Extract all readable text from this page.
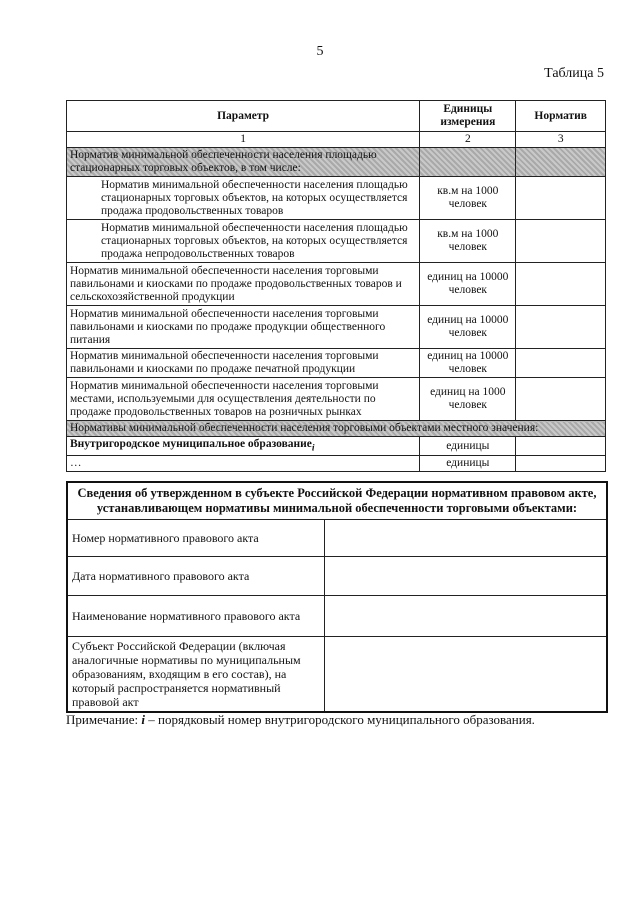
5
Таблица 5
Параметр	Единицы измерения	Норматив
1	2	3
Норматив минимальной обеспеченности населения площадью стационарных торговых объектов, в том числе:		
Норматив минимальной обеспеченности населения площадью стационарных торговых объектов, на которых осуществляется продажа продовольственных товаров	кв.м на 1000 человек	
Норматив минимальной обеспеченности населения площадью стационарных торговых объектов, на которых осуществляется продажа непродовольственных товаров	кв.м на 1000 человек	
Норматив минимальной обеспеченности населения торговыми павильонами и киосками по продаже продовольственных товаров и сельскохозяйственной продукции	единиц на 10000 человек	
Норматив минимальной обеспеченности населения торговыми павильонами и киосками по продаже продукции общественного питания	единиц на 10000 человек	
Норматив минимальной обеспеченности населения торговыми павильонами и киосками по продаже печатной продукции	единиц на 10000 человек	
Норматив минимальной обеспеченности населения торговыми местами, используемыми для осуществления деятельности по продаже продовольственных товаров на розничных рынках	единиц на 1000 человек	
Нормативы минимальной обеспеченности населения торговыми объектами местного значения:		
Внутригородское муниципальное образование$_i$	единицы	
…	единицы	
Сведения об утвержденном в субъекте Российской Федерации нормативном правовом акте, устанавливающем нормативы минимальной обеспеченности торговыми объектами:	
Номер нормативного правового акта	
Дата нормативного правового акта	
Наименование нормативного правового акта	
Субъект Российской Федерации (включая аналогичные нормативы по муниципальным образованиям, входящим в его состав), на который распространяется нормативный правовой акт	
Примечание: i – порядковый номер внутригородского муниципального образования.
